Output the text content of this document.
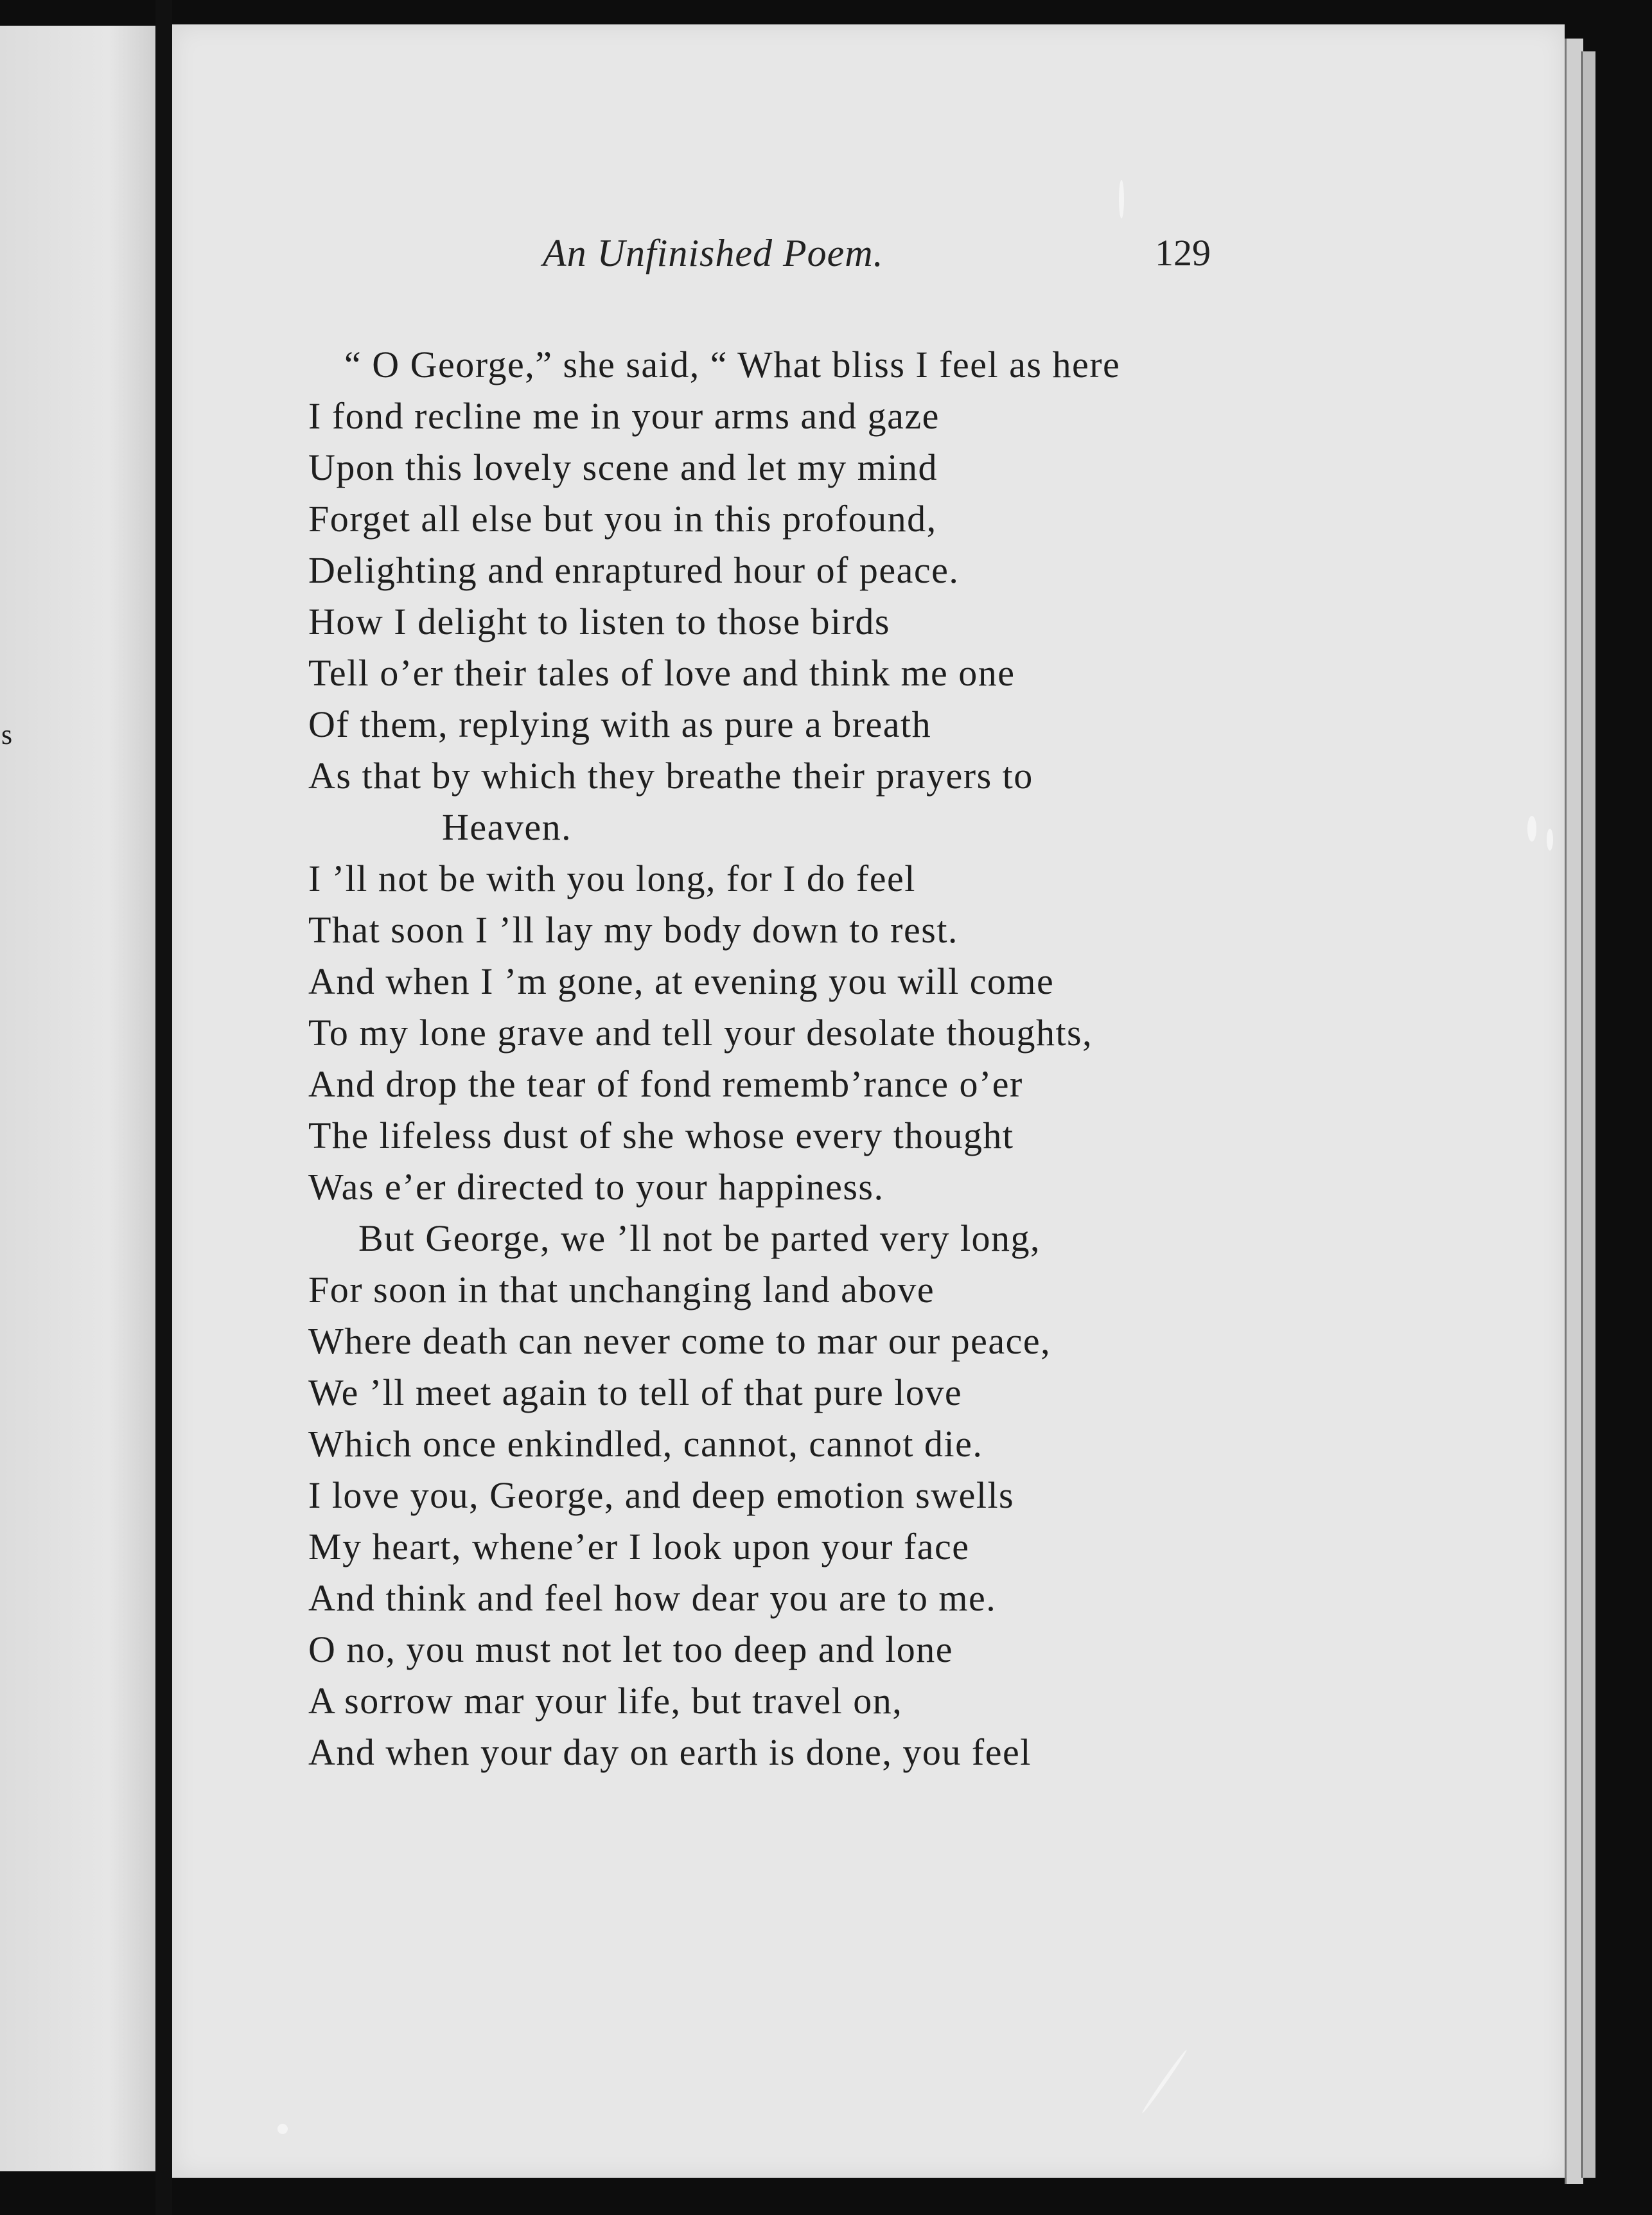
s
An Unfinished Poem.	129
“ O George,” she said, “ What bliss I feel as here
I fond recline me in your arms and gaze
Upon this lovely scene and let my mind
Forget all else but you in this profound,
Delighting and enraptured hour of peace.
How I delight to listen to those birds
Tell o’er their tales of love and think me one
Of them, replying with as pure a breath
As that by which they breathe their prayers to
Heaven.
I ’ll not be with you long, for I do feel
That soon I ’ll lay my body down to rest.
And when I ’m gone, at evening you will come
To my lone grave and tell your desolate thoughts,
And drop the tear of fond rememb’rance o’er
The lifeless dust of she whose every thought
Was e’er directed to your happiness.
But George, we ’ll not be parted very long,
For soon in that unchanging land above
Where death can never come to mar our peace,
We ’ll meet again to tell of that pure love
Which once enkindled, cannot, cannot die.
I love you, George, and deep emotion swells
My heart, whene’er I look upon your face
And think and feel how dear you are to me.
O no, you must not let too deep and lone
A sorrow mar your life, but travel on,
And when your day on earth is done, you feel
